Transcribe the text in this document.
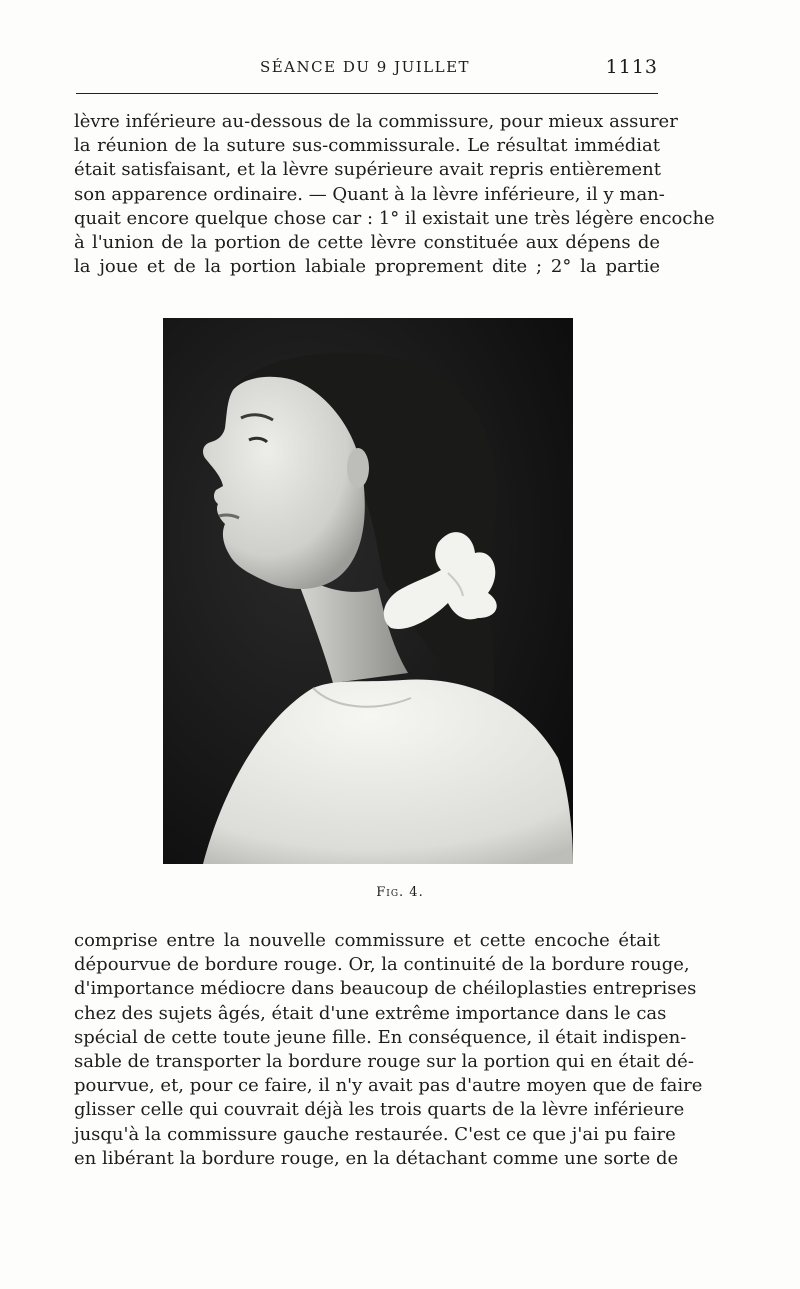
SÉANCE DU 9 JUILLET	1113
lèvre inférieure au-dessous de la commissure, pour mieux assurer
la réunion de la suture sus-commissurale. Le résultat immédiat
était satisfaisant, et la lèvre supérieure avait repris entièrement
son apparence ordinaire. — Quant à la lèvre inférieure, il y man-
quait encore quelque chose car : 1° il existait une très légère encoche
à l'union de la portion de cette lèvre constituée aux dépens de
la joue et de la portion labiale proprement dite ; 2° la partie
Fig. 4.
comprise entre la nouvelle commissure et cette encoche était
dépourvue de bordure rouge. Or, la continuité de la bordure rouge,
d'importance médiocre dans beaucoup de chéiloplasties entreprises
chez des sujets âgés, était d'une extrême importance dans le cas
spécial de cette toute jeune fille. En conséquence, il était indispen-
sable de transporter la bordure rouge sur la portion qui en était dé-
pourvue, et, pour ce faire, il n'y avait pas d'autre moyen que de faire
glisser celle qui couvrait déjà les trois quarts de la lèvre inférieure
jusqu'à la commissure gauche restaurée. C'est ce que j'ai pu faire
en libérant la bordure rouge, en la détachant comme une sorte de
